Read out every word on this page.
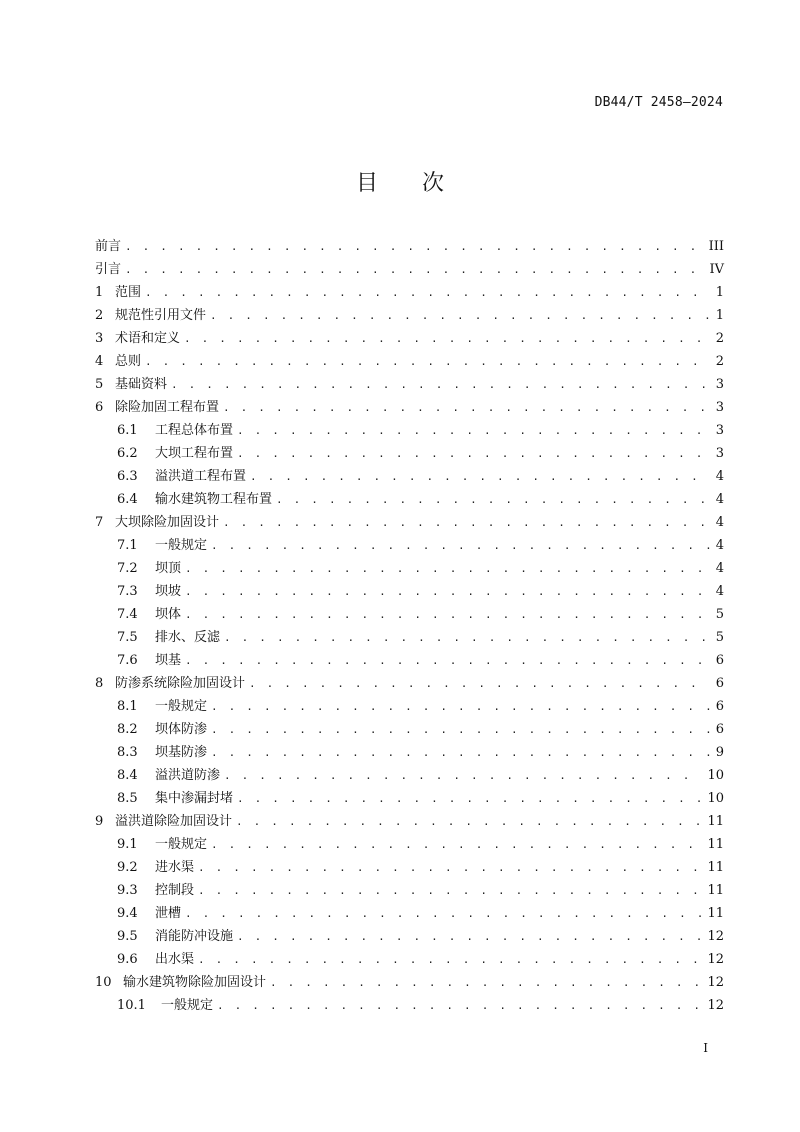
DB44/T 2458—2024
目次
前言 . . .	III
引言 . . .	IV
1 范围 . . .	1
2 规范性引用文件 . . .	1
3 术语和定义 . . .	2
4 总则 . . .	2
5 基础资料 . . .	3
6 除险加固工程布置 . . .	3
6.1	工程总体布置 . . .	3
6.2	大坝工程布置 . . .	3
6.3	溢洪道工程布置 . . .	4
6.4	输水建筑物工程布置 . . .	4
7 大坝除险加固设计 . . .	4
7.1	一般规定 . . .	4
7.2	坝顶 . . .	4
7.3	坝坡 . . .	4
7.4	坝体 . . .	5
7.5	排水、反滤 . . .	5
7.6	坝基 . . .	6
8 防渗系统除险加固设计 . . .	6
8.1	一般规定 . . .	6
8.2	坝体防渗 . . .	6
8.3	坝基防渗 . . .	9
8.4	溢洪道防渗 . . .	10
8.5	集中渗漏封堵 . . .	10
9 溢洪道除险加固设计 . . .	11
9.1	一般规定 . . .	11
9.2	进水渠 . . .	11
9.3	控制段 . . .	11
9.4	泄槽 . . .	11
9.5	消能防冲设施 . . .	12
9.6	出水渠 . . .	12
10 输水建筑物除险加固设计 . . .	12
10.1	一般规定 . . .	12
I
